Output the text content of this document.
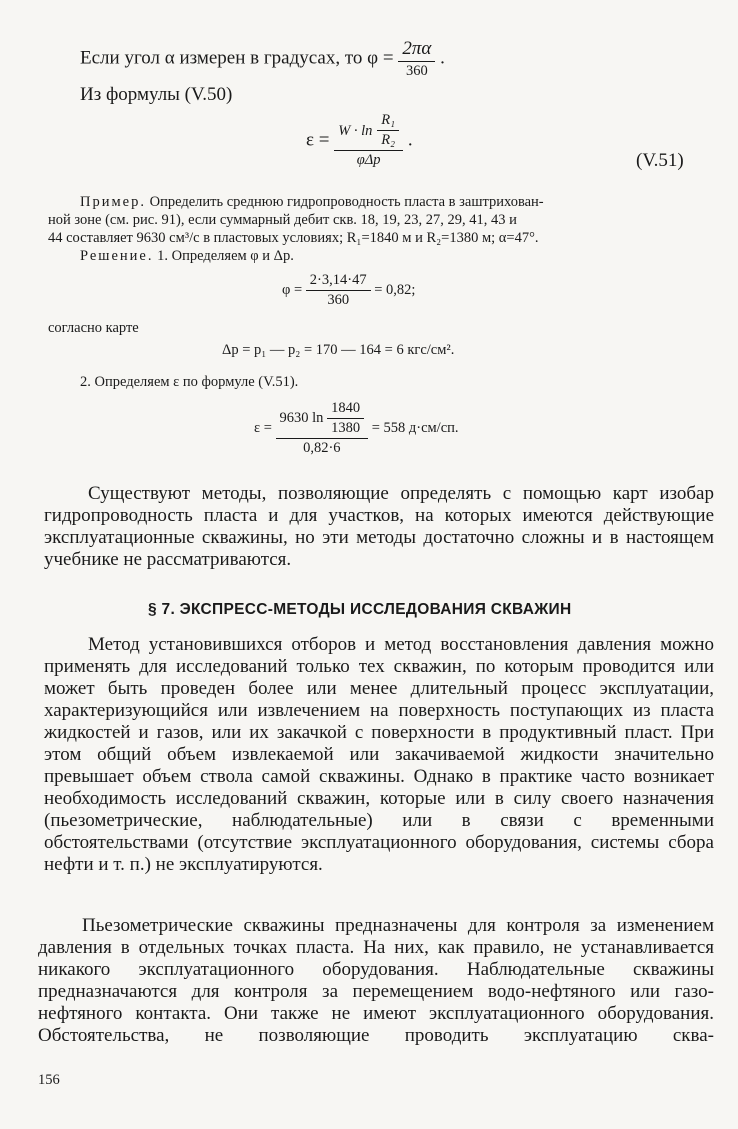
Если угол α измерен в градусах, то $\varphi = \frac{2\pi\alpha}{360}$ .
Из формулы (V.50)
$\varepsilon = \frac{W \cdot \ln \frac{\text{R₁}}{\text{R₂}}}{\text{φΔp}}$ .
(V.51)
Пример. Определить среднюю гидропроводность пласта в заштрихован-
ной зоне (см. рис. 91), если суммарный дебит скв. 18, 19, 23, 27, 29, 41, 43 и
44 составляет 9630 см³/с в пластовых условиях; R₁=1840 м и R₂=1380 м; α=47°.
Решение. 1. Определяем φ и Δp.
$\varphi = \frac{2\cdot 3,14\cdot 47}{360} = 0,82$;
согласно карте
Δp = p₁ — p₂ = 170 — 164 = 6 кгс/см².
2. Определяем ε по формуле (V.51).
$\varepsilon = \frac{9630 \ln \frac{1840}{1380}}{0,82\cdot 6} = 558$ д·см/сп.

Существуют методы, позволяющие определять с помощью карт изобар гидропроводность пласта и для участков, на которых имеются действующие эксплуатационные скважины, но эти методы достаточно сложны и в настоящем учебнике не рассматриваются.

§ 7. ЭКСПРЕСС-МЕТОДЫ ИССЛЕДОВАНИЯ СКВАЖИН

Метод установившихся отборов и метод восстановления давления можно применять для исследований только тех скважин, по которым проводится или может быть проведен более или менее длительный процесс эксплуатации, характеризующийся или извлечением на поверхность поступающих из пласта жидкостей и газов, или их закачкой с поверхности в продуктивный пласт. При этом общий объем извлекаемой или закачиваемой жидкости значительно превышает объем ствола самой скважины. Однако в практике часто возникает необходимость исследований скважин, которые или в силу своего назначения (пьезометрические, наблюдательные) или в связи с временными обстоятельствами (отсутствие эксплуатационного оборудования, системы сбора нефти и т. п.) не эксплуатируются.

Пьезометрические скважины предназначены для контроля за изменением давления в отдельных точках пласта. На них, как правило, не устанавливается никакого эксплуатационного оборудования. Наблюдательные скважины предназначаются для контроля за перемещением водо-нефтяного или газо-нефтяного контакта. Они также не имеют эксплуатационного оборудования. Обстоятельства, не позволяющие проводить эксплуатацию сква-

156
